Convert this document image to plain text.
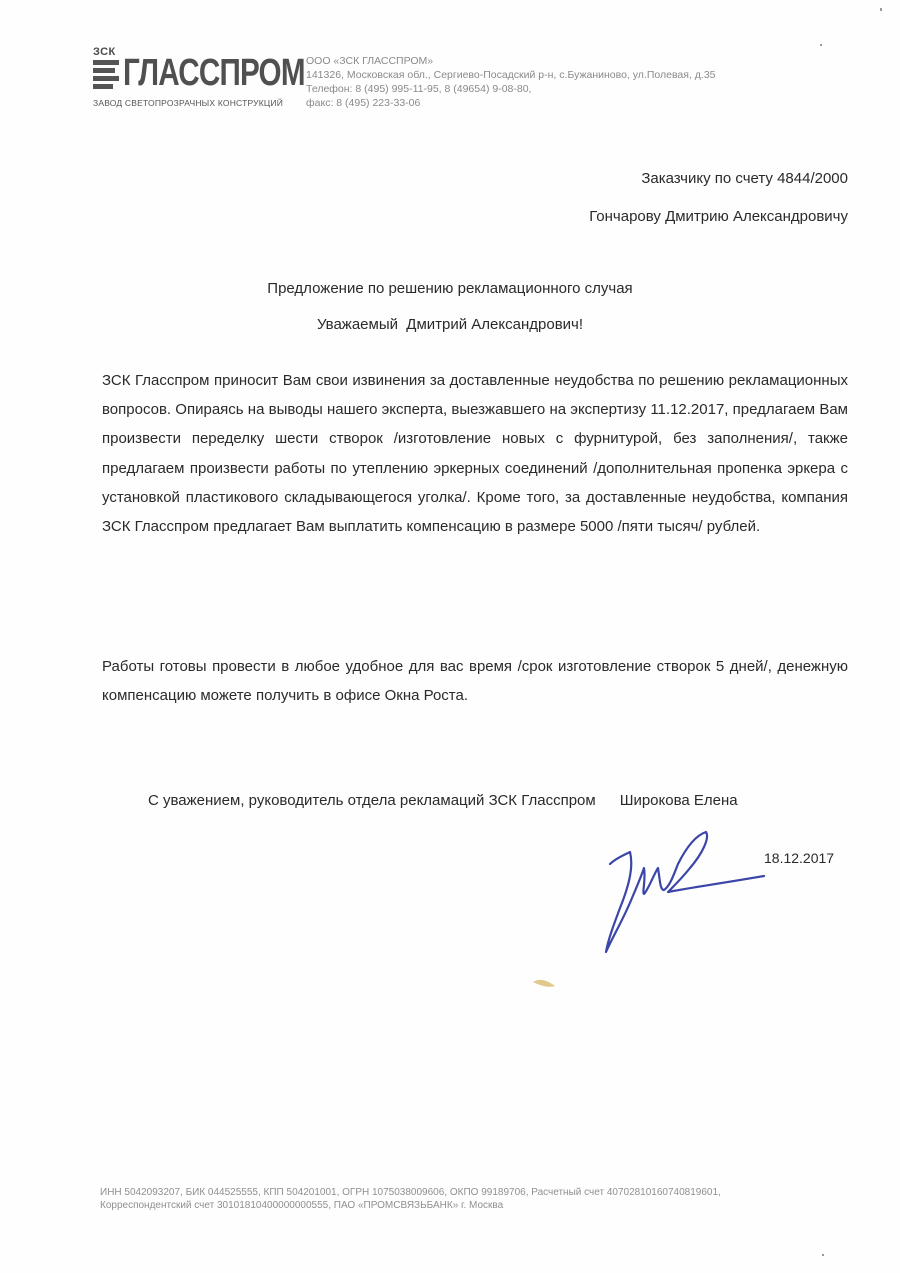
ЗСК ГЛАССПРОМ
ЗАВОД СВЕТОПРОЗРАЧНЫХ КОНСТРУКЦИЙ
ООО «ЗСК ГЛАССПРОМ»
141326, Московская обл., Сергиево-Посадский р-н, с.Бужаниново, ул.Полевая, д.35
Телефон: 8 (495) 995-11-95, 8 (49654) 9-08-80,
факс: 8 (495) 223-33-06
Заказчику по счету 4844/2000
Гончарову Дмитрию Александровичу
Предложение по решению рекламационного случая
Уважаемый  Дмитрий Александрович!
ЗСК Гласспром приносит Вам свои извинения за доставленные неудобства по решению рекламационных вопросов. Опираясь на выводы нашего эксперта, выезжавшего на экспертизу 11.12.2017, предлагаем Вам произвести переделку шести створок /изготовление новых с фурнитурой, без заполнения/, также предлагаем произвести работы по утеплению эркерных соединений /дополнительная пропенка эркера с установкой пластикового складывающегося уголка/. Кроме того, за доставленные неудобства, компания ЗСК Гласспром предлагает Вам выплатить компенсацию в размере 5000 /пяти тысяч/ рублей.
Работы готовы провести в любое удобное для вас время /срок изготовление створок 5 дней/, денежную компенсацию можете получить в офисе Окна Роста.
С уважением, руководитель отдела рекламаций ЗСК Гласспром Широкова Елена
18.12.2017
ИНН 5042093207, БИК 044525555, КПП 504201001, ОГРН 1075038009606, ОКПО 99189706, Расчетный счет 40702810160740819601,
Корреспондентский счет 30101810400000000555, ПАО «ПРОМСВЯЗЬБАНК» г. Москва
